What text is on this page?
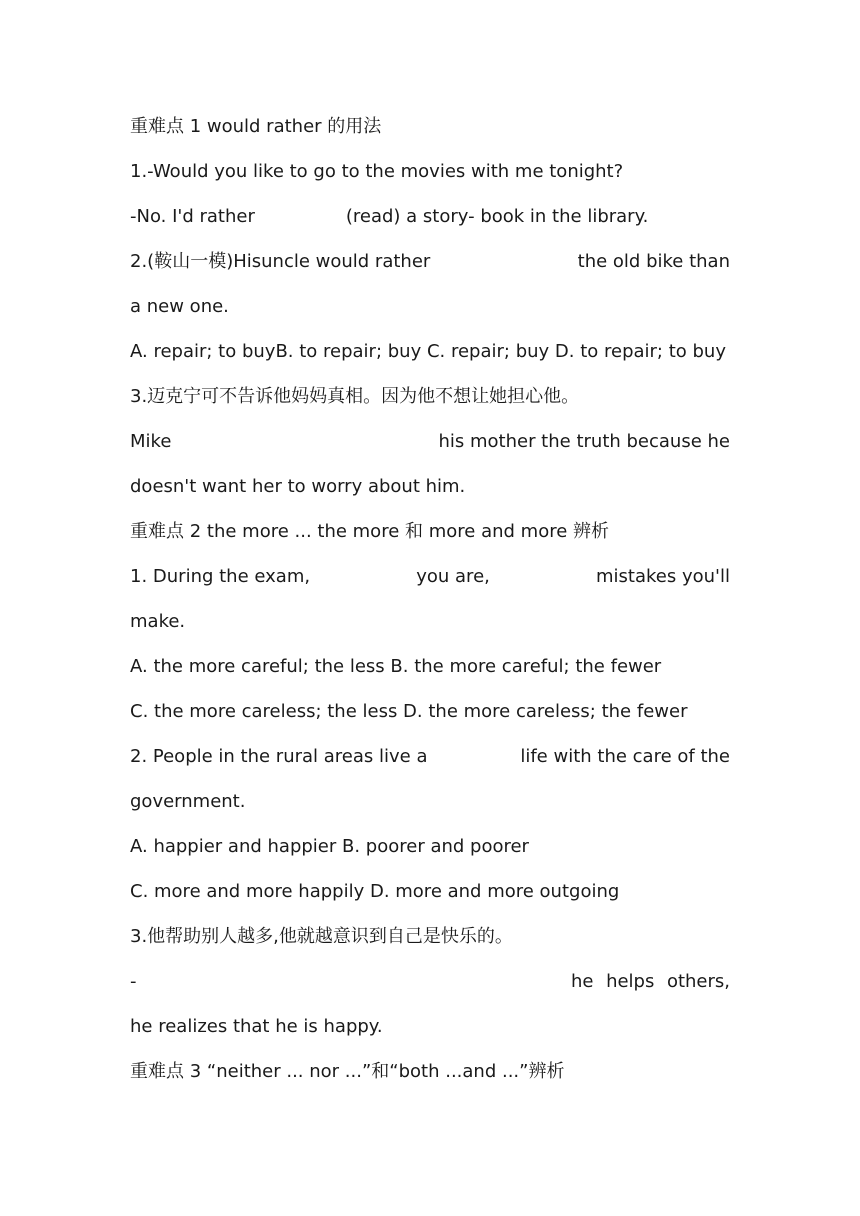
重难点 1 would rather 的用法
1.-Would you like to go to the movies with me tonight?
-No. I'd rather	(read) a story- book in the library.
2.(鞍山一模)Hisuncle would rather	the old bike than
a new one.
A. repair; to buyB. to repair; buy C. repair; buy D. to repair; to buy
3.迈克宁可不告诉他妈妈真相。因为他不想让她担心他。
Mike	his mother the truth because he
doesn't want her to worry about him.
重难点 2 the more ... the more 和 more and more 辨析
1. During the exam,	you are,	mistakes you'll
make.
A. the more careful; the less B. the more careful; the fewer
C. the more careless; the less D. the more careless; the fewer
2. People in the rural areas live a	life with the care of the
government.
A. happier and happier B. poorer and poorer
C. more and more happily D. more and more outgoing
3.他帮助别人越多,他就越意识到自己是快乐的。
-	he helps others,
he realizes that he is happy.
重难点 3 “neither ... nor ...”和“both ...and ...”辨析
